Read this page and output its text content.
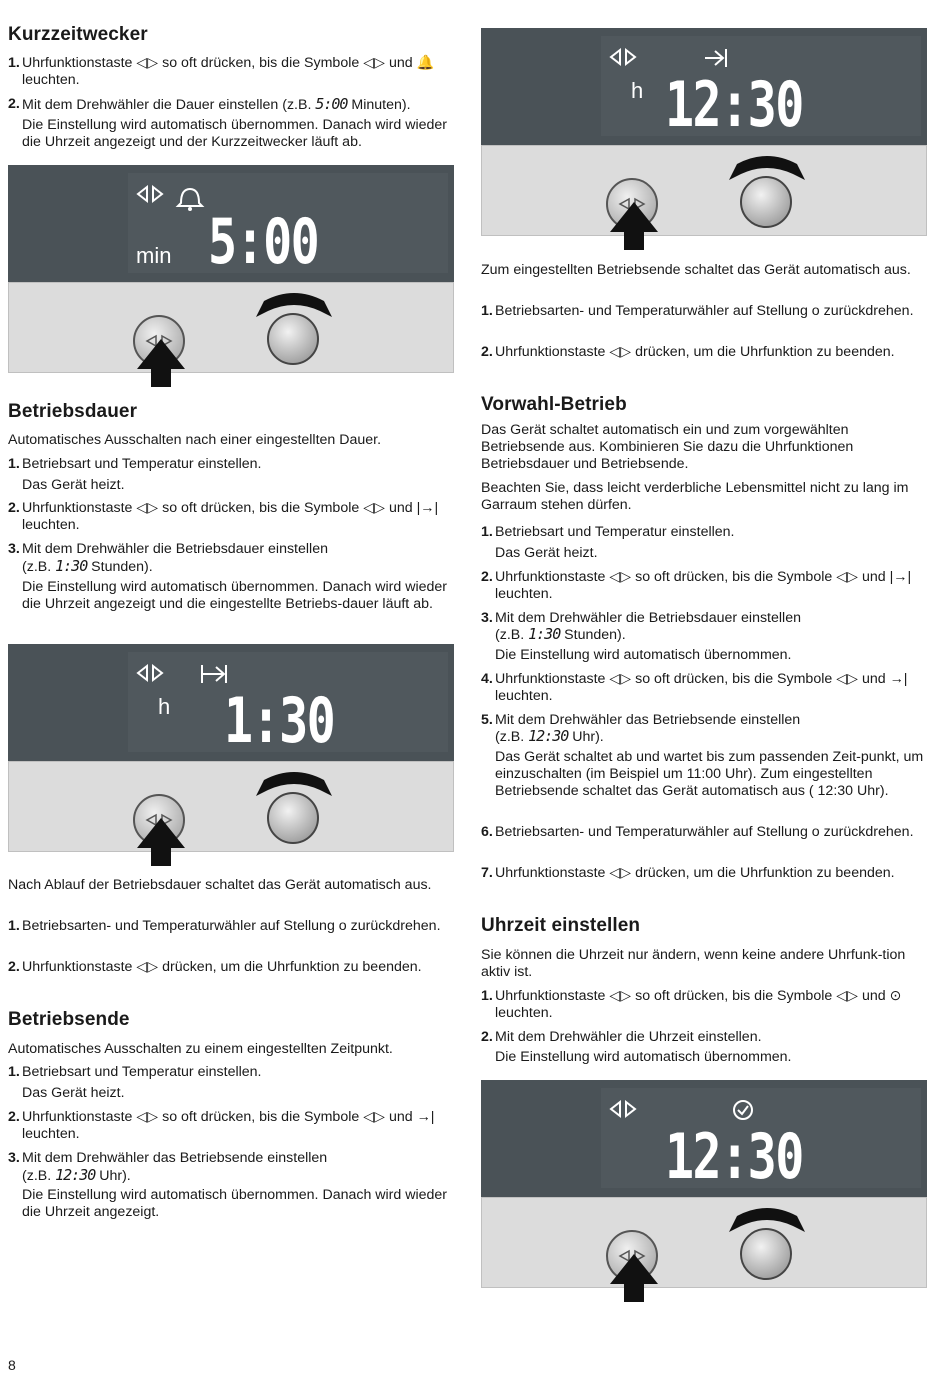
Kurzzeitwecker
1. Uhrfunktionstaste ◁▷ so oft drücken, bis die Symbole ◁▷ und 🔔 leuchten.
2. Mit dem Drehwähler die Dauer einstellen (z.B. 5:00 Minuten).
Die Einstellung wird automatisch übernommen. Danach wird wieder die Uhrzeit angezeigt und der Kurzzeitwecker läuft ab.
min 5:00
Betriebsdauer
Automatisches Ausschalten nach einer eingestellten Dauer.
1. Betriebsart und Temperatur einstellen.
Das Gerät heizt.
2. Uhrfunktionstaste ◁▷ so oft drücken, bis die Symbole ◁▷ und |→| leuchten.
3. Mit dem Drehwähler die Betriebsdauer einstellen
(z.B. 1:30 Stunden).
Die Einstellung wird automatisch übernommen. Danach wird wieder die Uhrzeit angezeigt und die eingestellte Betriebs-dauer läuft ab.
h 1:30
Nach Ablauf der Betriebsdauer schaltet das Gerät automatisch aus.
1. Betriebsarten- und Temperaturwähler auf Stellung o zurückdrehen.
2. Uhrfunktionstaste ◁▷ drücken, um die Uhrfunktion zu beenden.
Betriebsende
Automatisches Ausschalten zu einem eingestellten Zeitpunkt.
1. Betriebsart und Temperatur einstellen.
Das Gerät heizt.
2. Uhrfunktionstaste ◁▷ so oft drücken, bis die Symbole ◁▷ und →| leuchten.
3. Mit dem Drehwähler das Betriebsende einstellen
(z.B. 12:30 Uhr).
Die Einstellung wird automatisch übernommen. Danach wird wieder die Uhrzeit angezeigt.
h 12:30
Zum eingestellten Betriebsende schaltet das Gerät automatisch aus.
1. Betriebsarten- und Temperaturwähler auf Stellung o zurückdrehen.
2. Uhrfunktionstaste ◁▷ drücken, um die Uhrfunktion zu beenden.
Vorwahl-Betrieb
Das Gerät schaltet automatisch ein und zum vorgewählten Betriebsende aus. Kombinieren Sie dazu die Uhrfunktionen Betriebsdauer und Betriebsende.
Beachten Sie, dass leicht verderbliche Lebensmittel nicht zu lang im Garraum stehen dürfen.
1. Betriebsart und Temperatur einstellen.
Das Gerät heizt.
2. Uhrfunktionstaste ◁▷ so oft drücken, bis die Symbole ◁▷ und |→| leuchten.
3. Mit dem Drehwähler die Betriebsdauer einstellen
(z.B. 1:30 Stunden).
Die Einstellung wird automatisch übernommen.
4. Uhrfunktionstaste ◁▷ so oft drücken, bis die Symbole ◁▷ und →| leuchten.
5. Mit dem Drehwähler das Betriebsende einstellen
(z.B. 12:30 Uhr).
Das Gerät schaltet ab und wartet bis zum passenden Zeit-punkt, um einzuschalten (im Beispiel um 11:00 Uhr). Zum eingestellten Betriebsende schaltet das Gerät automatisch aus ( 12:30 Uhr).
6. Betriebsarten- und Temperaturwähler auf Stellung o zurückdrehen.
7. Uhrfunktionstaste ◁▷ drücken, um die Uhrfunktion zu beenden.
Uhrzeit einstellen
Sie können die Uhrzeit nur ändern, wenn keine andere Uhrfunk-tion aktiv ist.
1. Uhrfunktionstaste ◁▷ so oft drücken, bis die Symbole ◁▷ und ⊙ leuchten.
2. Mit dem Drehwähler die Uhrzeit einstellen.
Die Einstellung wird automatisch übernommen.
12:30
8
